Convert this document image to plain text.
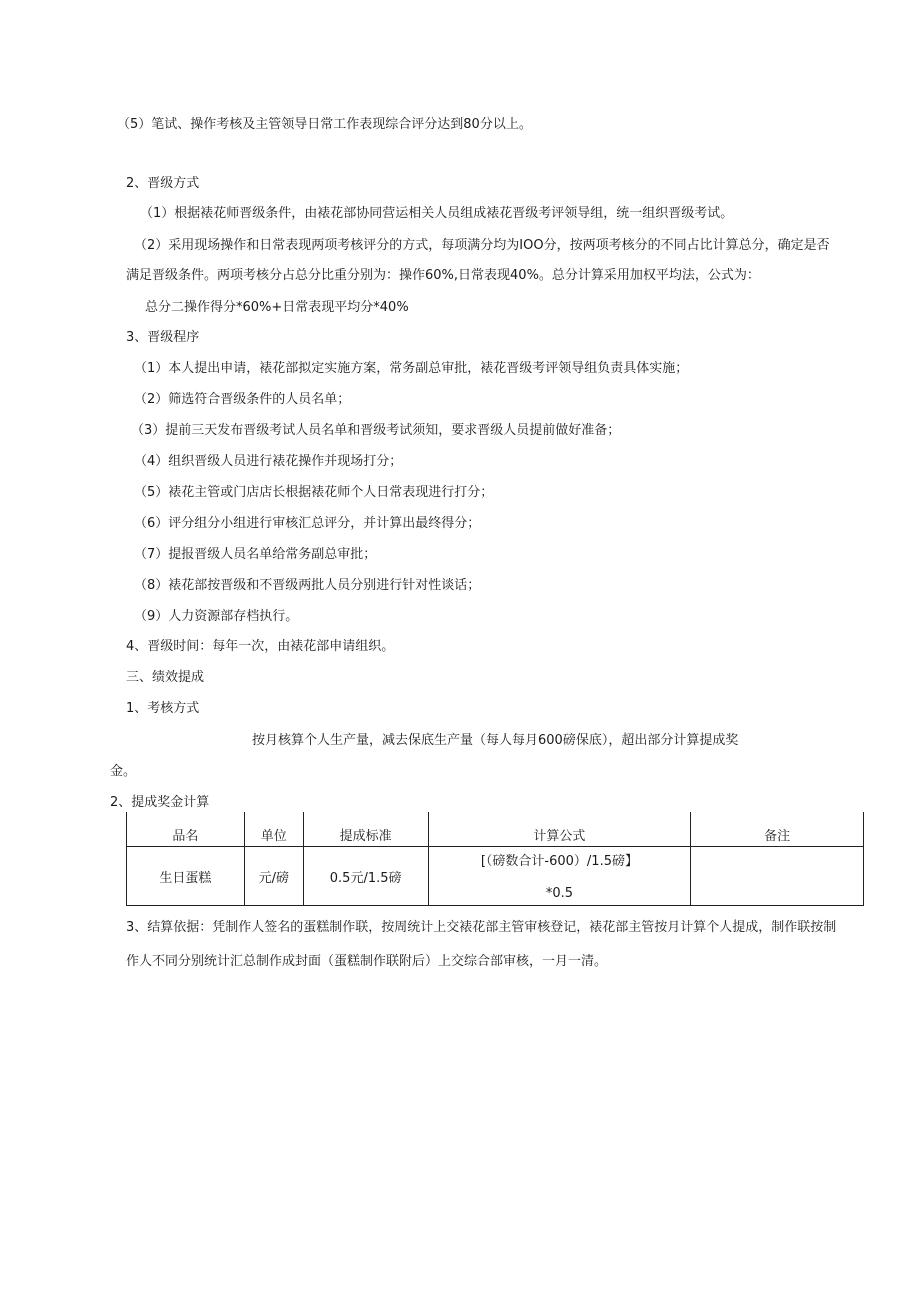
（5）笔试、操作考核及主管领导日常工作表现综合评分达到80分以上。
2、晋级方式
（1）根据裱花师晋级条件，由裱花部协同营运相关人员组成裱花晋级考评领导组，统一组织晋级考试。
（2）采用现场操作和日常表现两项考核评分的方式，每项满分均为IOO分，按两项考核分的不同占比计算总分，确定是否
满足晋级条件。两项考核分占总分比重分别为：操作60%,日常表现40%。总分计算采用加权平均法，公式为：
总分二操作得分*60%+日常表现平均分*40%
3、晋级程序
（1）本人提出申请，裱花部拟定实施方案，常务副总审批，裱花晋级考评领导组负责具体实施；
（2）筛选符合晋级条件的人员名单；
（3）提前三天发布晋级考试人员名单和晋级考试须知，要求晋级人员提前做好准备；
（4）组织晋级人员进行裱花操作并现场打分；
（5）裱花主管或门店店长根据裱花师个人日常表现进行打分；
（6）评分组分小组进行审核汇总评分，并计算出最终得分；
（7）提报晋级人员名单给常务副总审批；
（8）裱花部按晋级和不晋级两批人员分别进行针对性谈话；
（9）人力资源部存档执行。
4、晋级时间：每年一次，由裱花部申请组织。
三、绩效提成
1、考核方式
按月核算个人生产量，减去保底生产量（每人每月600磅保底），超出部分计算提成奖
金。
2、提成奖金计算
品名	单位	提成标准	计算公式	备注
生日蛋糕	元/磅	0.5元/1.5磅	[（磅数合计-600）/1.5磅】
*0.5	

3、结算依据：凭制作人签名的蛋糕制作联，按周统计上交裱花部主管审核登记，裱花部主管按月计算个人提成，制作联按制
作人不同分别统计汇总制作成封面（蛋糕制作联附后）上交综合部审核，一月一清。
